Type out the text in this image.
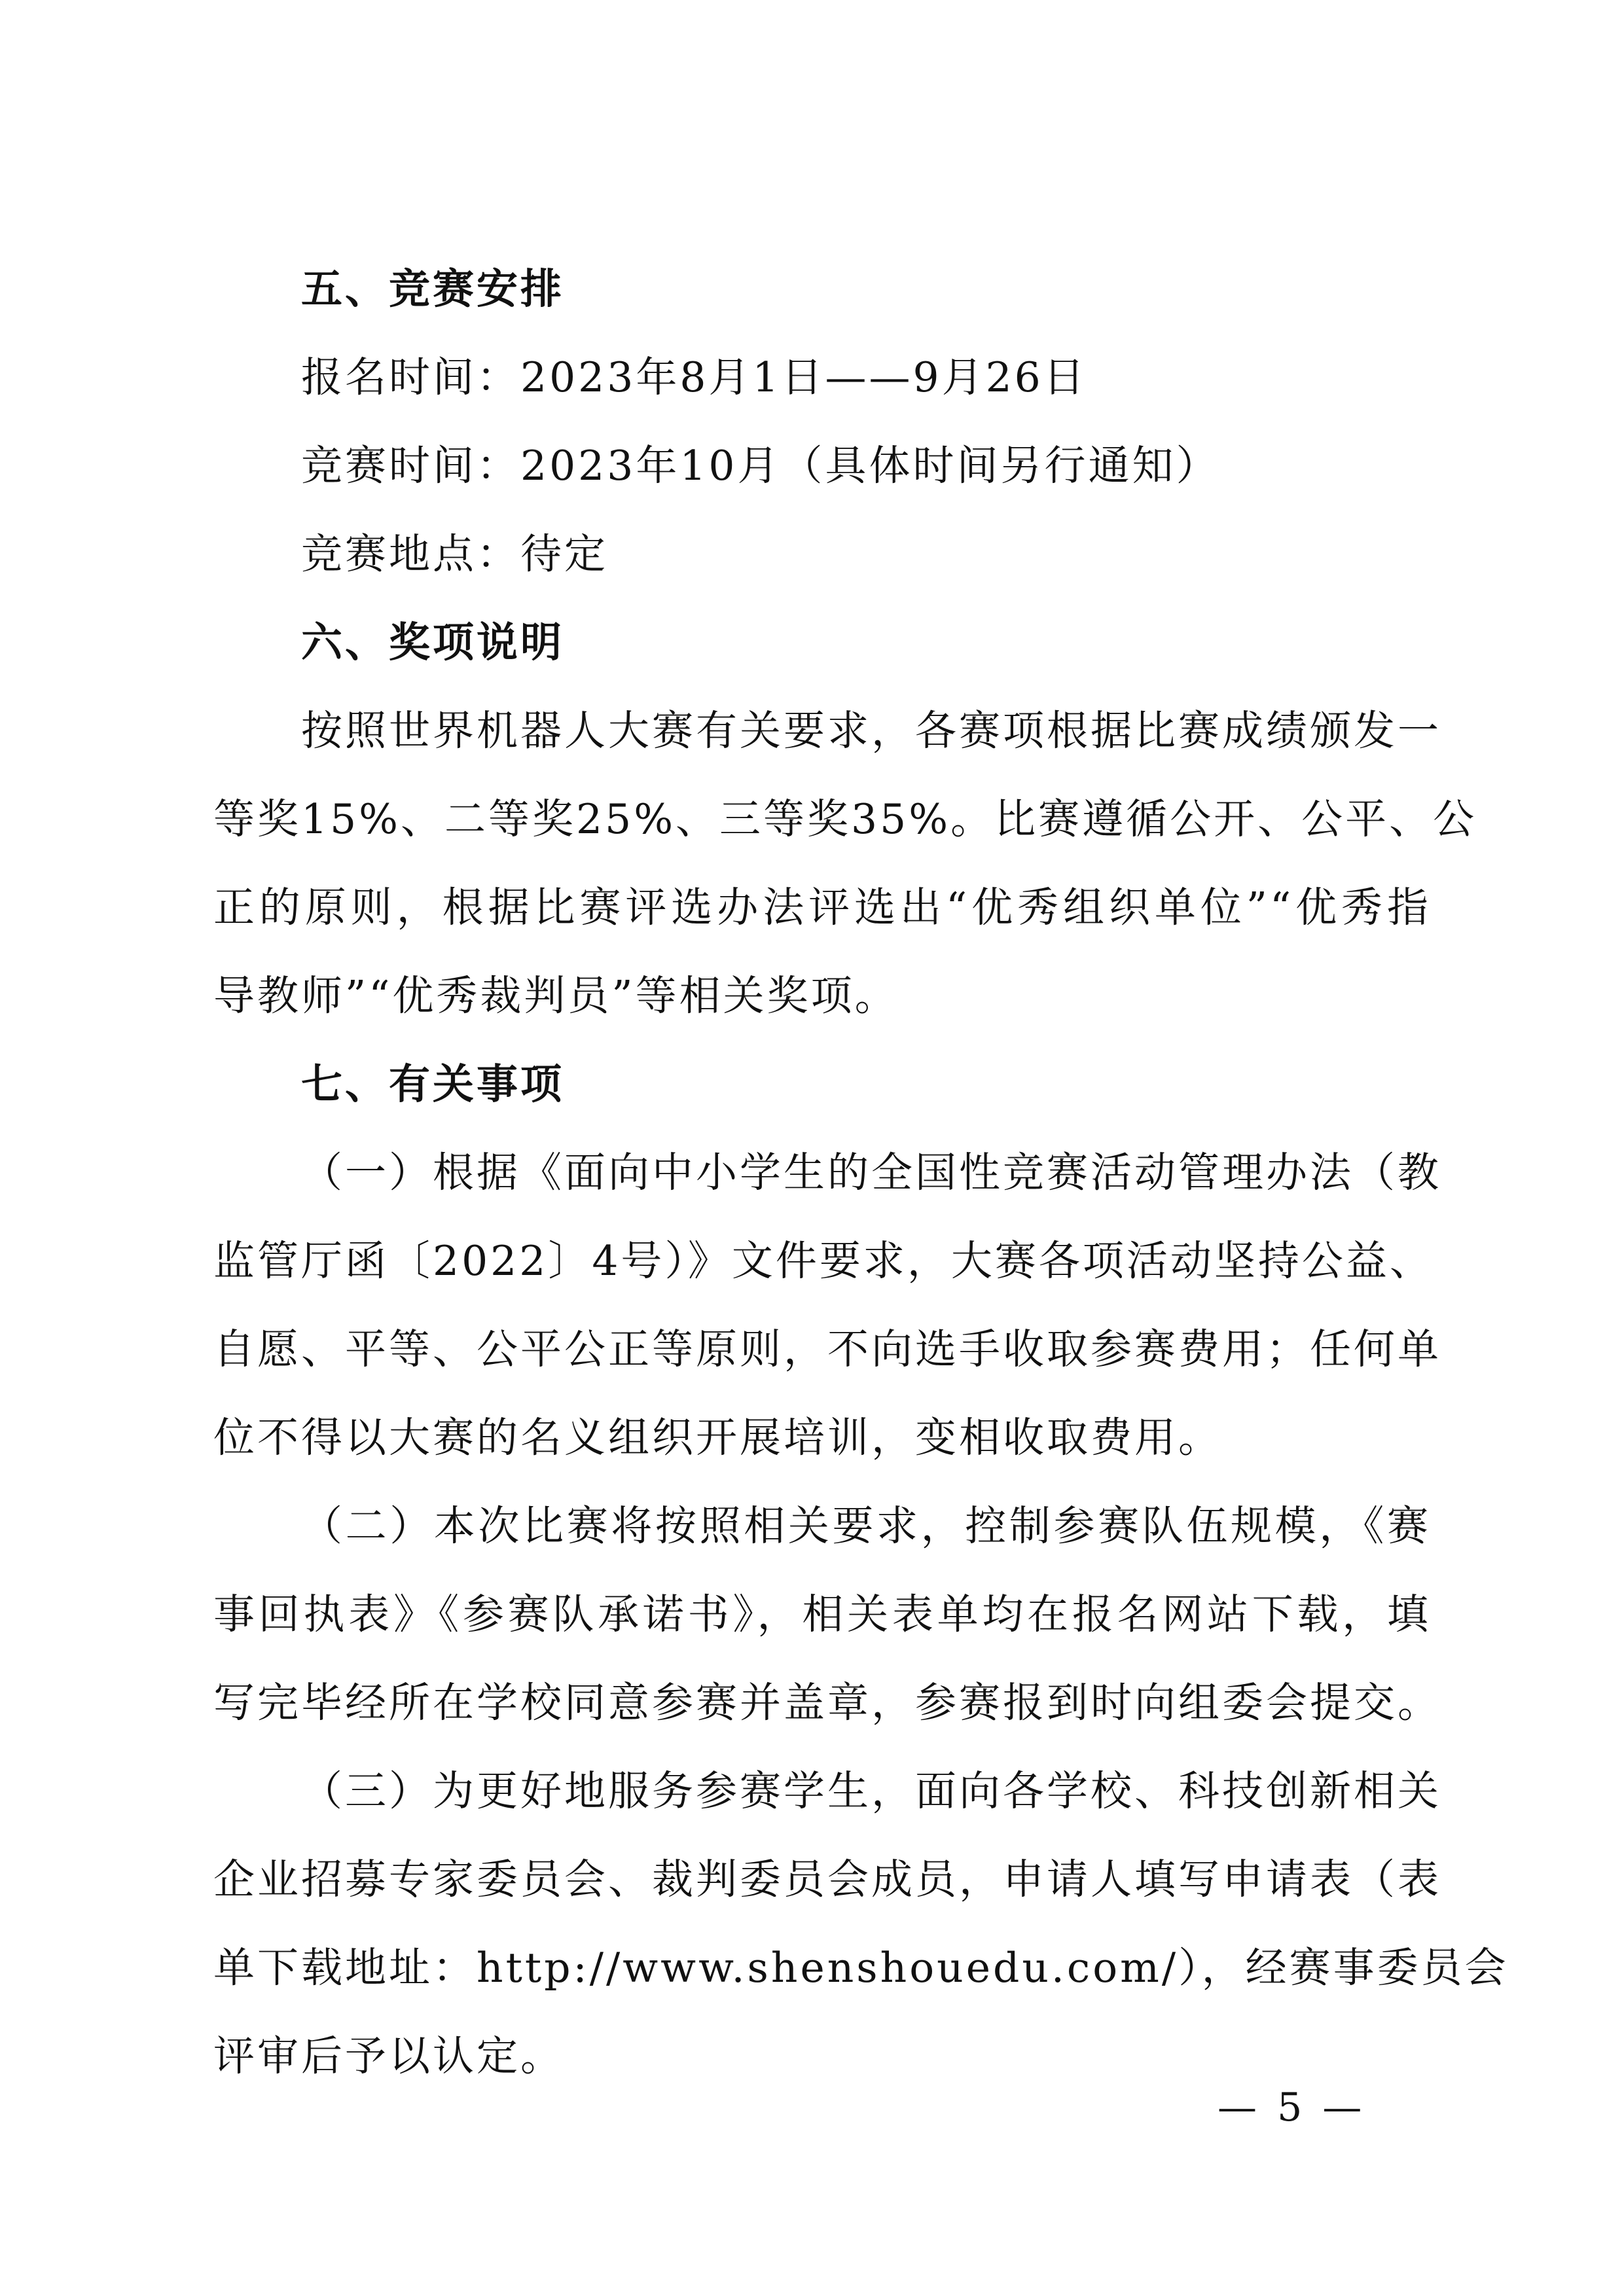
五、竞赛安排
报名时间：2023年8月1日——9月26日
竞赛时间：2023年10月（具体时间另行通知）
竞赛地点：待定
六、奖项说明
按照世界机器人大赛有关要求，各赛项根据比赛成绩颁发一
等奖15%、二等奖25%、三等奖35%。比赛遵循公开、公平、公
正的原则，根据比赛评选办法评选出“优秀组织单位”“优秀指
导教师”“优秀裁判员”等相关奖项。
七、有关事项
（一）根据《面向中小学生的全国性竞赛活动管理办法（教
监管厅函〔2022〕4号）》文件要求，大赛各项活动坚持公益、
自愿、平等、公平公正等原则，不向选手收取参赛费用；任何单
位不得以大赛的名义组织开展培训，变相收取费用。
（二）本次比赛将按照相关要求，控制参赛队伍规模，《赛
事回执表》《参赛队承诺书》，相关表单均在报名网站下载，填
写完毕经所在学校同意参赛并盖章，参赛报到时向组委会提交。
（三）为更好地服务参赛学生，面向各学校、科技创新相关
企业招募专家委员会、裁判委员会成员，申请人填写申请表（表
单下载地址：http://www.shenshouedu.com/），经赛事委员会
评审后予以认定。
— 5 —
